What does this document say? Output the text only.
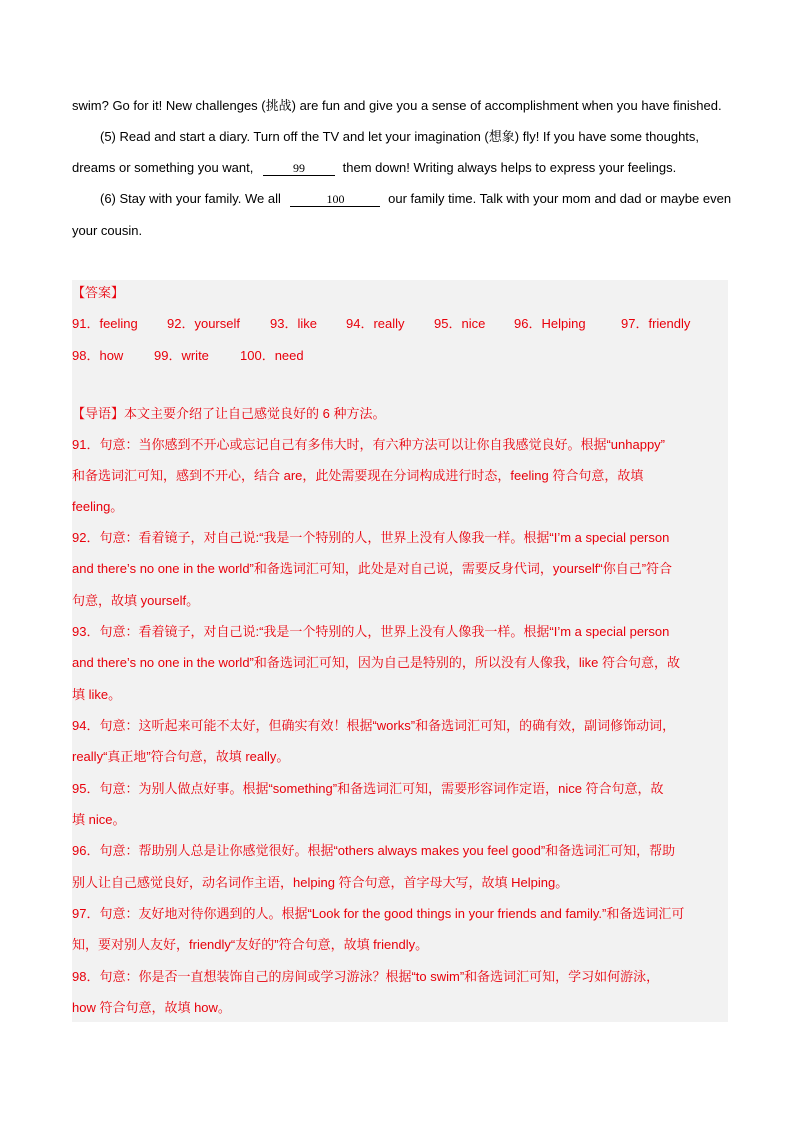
swim? Go for it! New challenges (挑战) are fun and give you a sense of accomplishment when you have finished.
(5) Read and start a diary. Turn off the TV and let your imagination (想象) fly! If you have some thoughts,
dreams or something you want,	99	them down! Writing always helps to express your feelings.
(6) Stay with your family. We all	100	our family time. Talk with your mom and dad or maybe even
your cousin.
【答案】
91．feeling 92．yourself 93．like 94．really 95．nice 96．Helping	97．friendly
98．how 99．write 100．need
【导语】本文主要介绍了让自己感觉良好的 6 种方法。
91．句意：当你感到不开心或忘记自己有多伟大时，有六种方法可以让你自我感觉良好。根据“unhappy”
和备选词汇可知，感到不开心，结合 are，此处需要现在分词构成进行时态，feeling 符合句意，故填
feeling。
92．句意：看着镜子，对自己说:“我是一个特别的人，世界上没有人像我一样。根据“I’m a special person
and there’s no one in the world”和备选词汇可知，此处是对自己说，需要反身代词，yourself“你自己”符合
句意，故填 yourself。
93．句意：看着镜子，对自己说:“我是一个特别的人，世界上没有人像我一样。根据“I’m a special person
and there’s no one in the world”和备选词汇可知，因为自己是特别的，所以没有人像我，like 符合句意，故
填 like。
94．句意：这听起来可能不太好，但确实有效！根据“works”和备选词汇可知，的确有效，副词修饰动词，
really“真正地”符合句意，故填 really。
95．句意：为别人做点好事。根据“something”和备选词汇可知，需要形容词作定语，nice 符合句意，故
填 nice。
96．句意：帮助别人总是让你感觉很好。根据“others always makes you feel good”和备选词汇可知，帮助
别人让自己感觉良好，动名词作主语，helping 符合句意，首字母大写，故填 Helping。
97．句意：友好地对待你遇到的人。根据“Look for the good things in your friends and family.”和备选词汇可
知，要对别人友好，friendly“友好的”符合句意，故填 friendly。
98．句意：你是否一直想装饰自己的房间或学习游泳？根据“to swim”和备选词汇可知，学习如何游泳，
how 符合句意，故填 how。
